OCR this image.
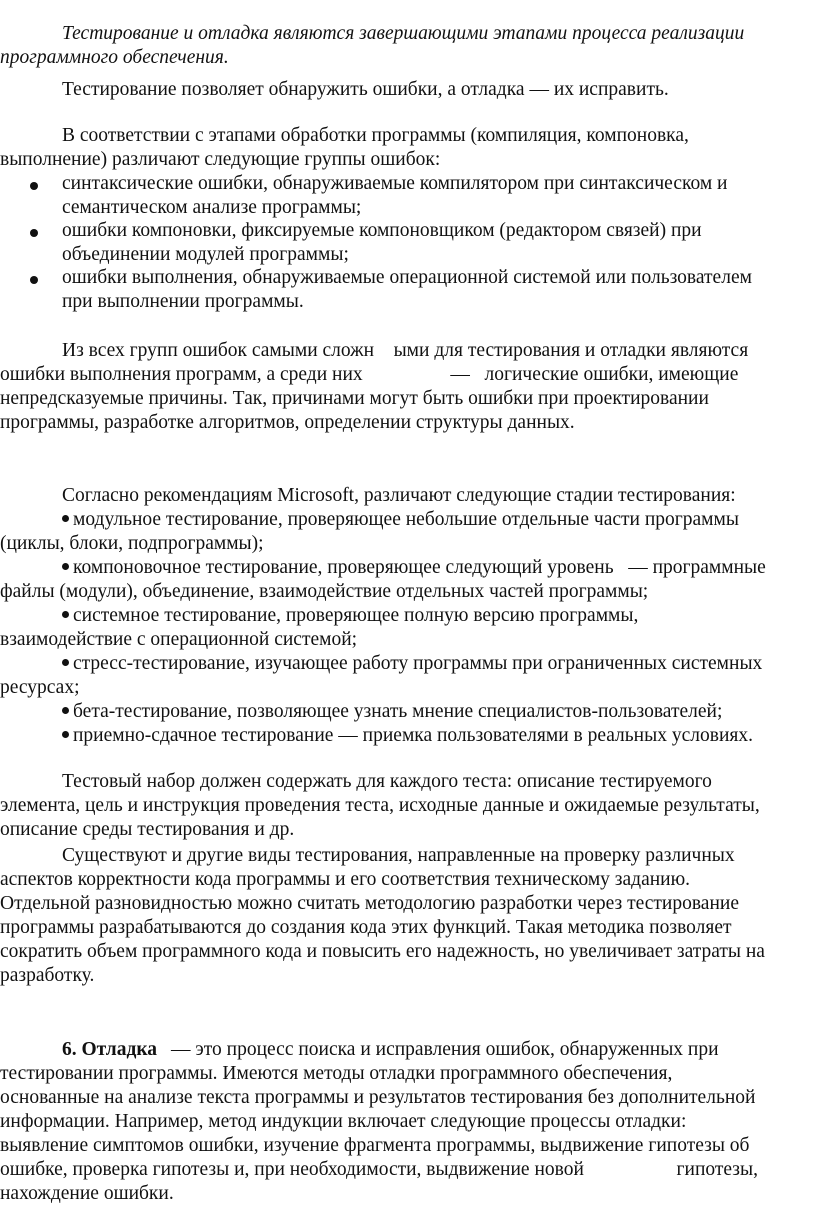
Тестирование и отладка являются завершающими этапами процесса реализации
программного обеспечения.
Тестирование позволяет обнаружить ошибки, а отладка — их исправить.
В соответствии с этапами обработки программы (компиляция, компоновка,
выполнение) различают следующие группы ошибок:
синтаксические ошибки, обнаруживаемые компилятором при синтаксическом и
семантическом анализе программы;
ошибки компоновки, фиксируемые компоновщиком (редактором связей) при
объединении модулей программы;
ошибки выполнения, обнаруживаемые операционной системой или пользователем
при выполнении программы.
Из всех групп ошибок самыми сложн    ыми для тестирования и отладки являются
ошибки выполнения программ, а среди них                  —   логические ошибки, имеющие
непредсказуемые причины. Так, причинами могут быть ошибки при проектировании
программы, разработке алгоритмов, определении структуры данных.
Согласно рекомендациям Microsoft, различают следующие стадии тестирования:
модульное тестирование, проверяющее небольшие отдельные части программы
(циклы, блоки, подпрограммы);
компоновочное тестирование, проверяющее следующий уровень   — программные
файлы (модули), объединение, взаимодействие отдельных частей программы;
системное тестирование, проверяющее полную версию программы,
взаимодействие с операционной системой;
стресс-тестирование, изучающее работу программы при ограниченных системных
ресурсах;
бета-тестирование, позволяющее узнать мнение специалистов-пользователей;
приемно-сдачное тестирование — приемка пользователями в реальных условиях.
Тестовый набор должен содержать для каждого теста: описание тестируемого
элемента, цель и инструкция проведения теста, исходные данные и ожидаемые результаты,
описание среды тестирования и др.
Существуют и другие виды тестирования, направленные на проверку различных
аспектов корректности кода программы и его соответствия техническому заданию.
Отдельной разновидностью можно считать методологию разработки через тестирование
программы разрабатываются до создания кода этих функций. Такая методика позволяет
сократить объем программного кода и повысить его надежность, но увеличивает затраты на
разработку.
6. Отладка — это процесс поиска и исправления ошибок, обнаруженных при
тестировании программы. Имеются методы отладки программного обеспечения,
основанные на анализе текста программы и результатов тестирования без дополнительной
информации. Например, метод индукции включает следующие процессы отладки:
выявление симптомов ошибки, изучение фрагмента программы, выдвижение гипотезы об
ошибке, проверка гипотезы и, при необходимости, выдвижение новой                   гипотезы,
нахождение ошибки.
